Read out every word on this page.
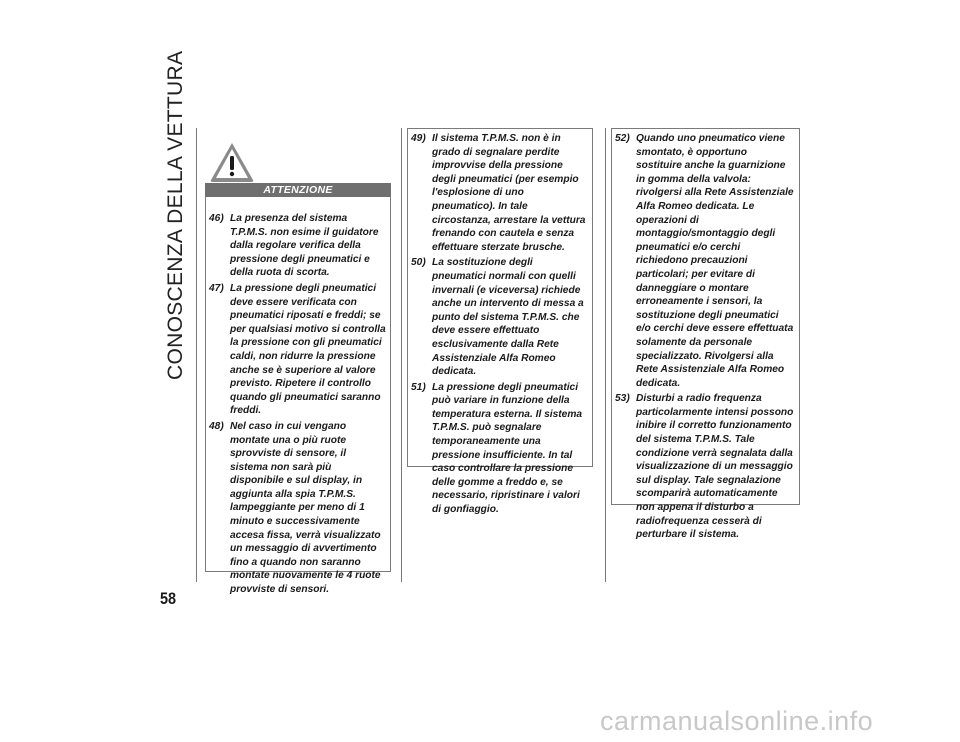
CONOSCENZA DELLA VETTURA
58
ATTENZIONE
46) La presenza del sistema T.P.M.S. non esime il guidatore dalla regolare verifica della pressione degli pneumatici e della ruota di scorta.
47) La pressione degli pneumatici deve essere verificata con pneumatici riposati e freddi; se per qualsiasi motivo si controlla la pressione con gli pneumatici caldi, non ridurre la pressione anche se è superiore al valore previsto. Ripetere il controllo quando gli pneumatici saranno freddi.
48) Nel caso in cui vengano montate una o più ruote sprovviste di sensore, il sistema non sarà più disponibile e sul display, in aggiunta alla spia T.P.M.S. lampeggiante per meno di 1 minuto e successivamente accesa fissa, verrà visualizzato un messaggio di avvertimento fino a quando non saranno montate nuovamente le 4 ruote provviste di sensori.
49) Il sistema T.P.M.S. non è in grado di segnalare perdite improvvise della pressione degli pneumatici (per esempio l'esplosione di uno pneumatico). In tale circostanza, arrestare la vettura frenando con cautela e senza effettuare sterzate brusche.
50) La sostituzione degli pneumatici normali con quelli invernali (e viceversa) richiede anche un intervento di messa a punto del sistema T.P.M.S. che deve essere effettuato esclusivamente dalla Rete Assistenziale Alfa Romeo dedicata.
51) La pressione degli pneumatici può variare in funzione della temperatura esterna. Il sistema T.P.M.S. può segnalare temporaneamente una pressione insufficiente. In tal caso controllare la pressione delle gomme a freddo e, se necessario, ripristinare i valori di gonfiaggio.
52) Quando uno pneumatico viene smontato, è opportuno sostituire anche la guarnizione in gomma della valvola: rivolgersi alla Rete Assistenziale Alfa Romeo dedicata. Le operazioni di montaggio/smontaggio degli pneumatici e/o cerchi richiedono precauzioni particolari; per evitare di danneggiare o montare erroneamente i sensori, la sostituzione degli pneumatici e/o cerchi deve essere effettuata solamente da personale specializzato. Rivolgersi alla Rete Assistenziale Alfa Romeo dedicata.
53) Disturbi a radio frequenza particolarmente intensi possono inibire il corretto funzionamento del sistema T.P.M.S. Tale condizione verrà segnalata dalla visualizzazione di un messaggio sul display. Tale segnalazione scomparirà automaticamente non appena il disturbo a radiofrequenza cesserà di perturbare il sistema.
carmanualsonline.info
